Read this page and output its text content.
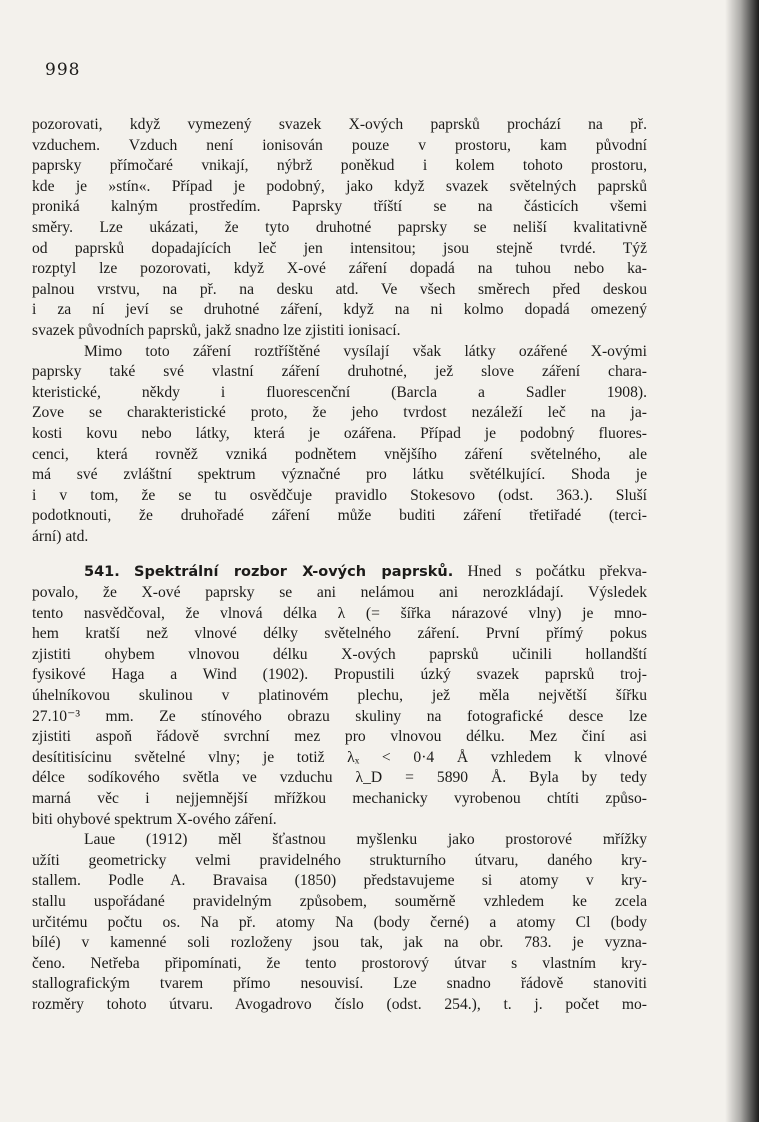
998
pozorovati, když vymezený svazek X-ových paprsků prochází na př.
vzduchem. Vzduch není ionisován pouze v prostoru, kam původní
paprsky přímočaré vnikají, nýbrž poněkud i kolem tohoto prostoru,
kde je »stín«. Případ je podobný, jako když svazek světelných paprsků
proniká kalným prostředím. Paprsky tříští se na částicích všemi
směry. Lze ukázati, že tyto druhotné paprsky se neliší kvalitativně
od paprsků dopadajících leč jen intensitou; jsou stejně tvrdé. Týž
rozptyl lze pozorovati, když X-ové záření dopadá na tuhou nebo ka-
palnou vrstvu, na př. na desku atd. Ve všech směrech před deskou
i za ní jeví se druhotné záření, když na ni kolmo dopadá omezený
svazek původních paprsků, jakž snadno lze zjistiti ionisací.
Mimo toto záření roztříštěné vysílají však látky ozářené X-ovými
paprsky také své vlastní záření druhotné, jež slove záření chara-
kteristické, někdy i fluorescenční (Barcla a Sadler 1908).
Zove se charakteristické proto, že jeho tvrdost nezáleží leč na ja-
kosti kovu nebo látky, která je ozářena. Případ je podobný fluores-
cenci, která rovněž vzniká podnětem vnějšího záření světelného, ale
má své zvláštní spektrum význačné pro látku světélkující. Shoda je
i v tom, že se tu osvědčuje pravidlo Stokesovo (odst. 363.). Sluší
podotknouti, že druhořadé záření může buditi záření třetiřadé (terci-
ární) atd.
541. Spektrální rozbor X-ových paprsků. Hned s počátku překva-
povalo, že X-ové paprsky se ani nelámou ani nerozkládají. Výsledek
tento nasvědčoval, že vlnová délka λ (= šířka nárazové vlny) je mno-
hem kratší než vlnové délky světelného záření. První přímý pokus
zjistiti ohybem vlnovou délku X-ových paprsků učinili hollandští
fysikové Haga a Wind (1902). Propustili úzký svazek paprsků troj-
úhelníkovou skulinou v platinovém plechu, jež měla největší šířku
27.10⁻³ mm. Ze stínového obrazu skuliny na fotografické desce lze
zjistiti aspoň řádově svrchní mez pro vlnovou délku. Mez činí asi
desítitisícinu světelné vlny; je totiž λₓ < 0·4 Å vzhledem k vlnové
délce sodíkového světla ve vzduchu λ_D = 5890 Å. Byla by tedy
marná věc i nejjemnější mřížkou mechanicky vyrobenou chtíti způso-
biti ohybové spektrum X-ového záření.
Laue (1912) měl šťastnou myšlenku jako prostorové mřížky
užíti geometricky velmi pravidelného strukturního útvaru, daného kry-
stallem. Podle A. Bravaisa (1850) představujeme si atomy v kry-
stallu uspořádané pravidelným způsobem, souměrně vzhledem ke zcela
určitému počtu os. Na př. atomy Na (body černé) a atomy Cl (body
bílé) v kamenné soli rozloženy jsou tak, jak na obr. 783. je vyzna-
čeno. Netřeba připomínati, že tento prostorový útvar s vlastním kry-
stallografickým tvarem přímo nesouvisí. Lze snadno řádově stanoviti
rozměry tohoto útvaru. Avogadrovo číslo (odst. 254.), t. j. počet mo-
